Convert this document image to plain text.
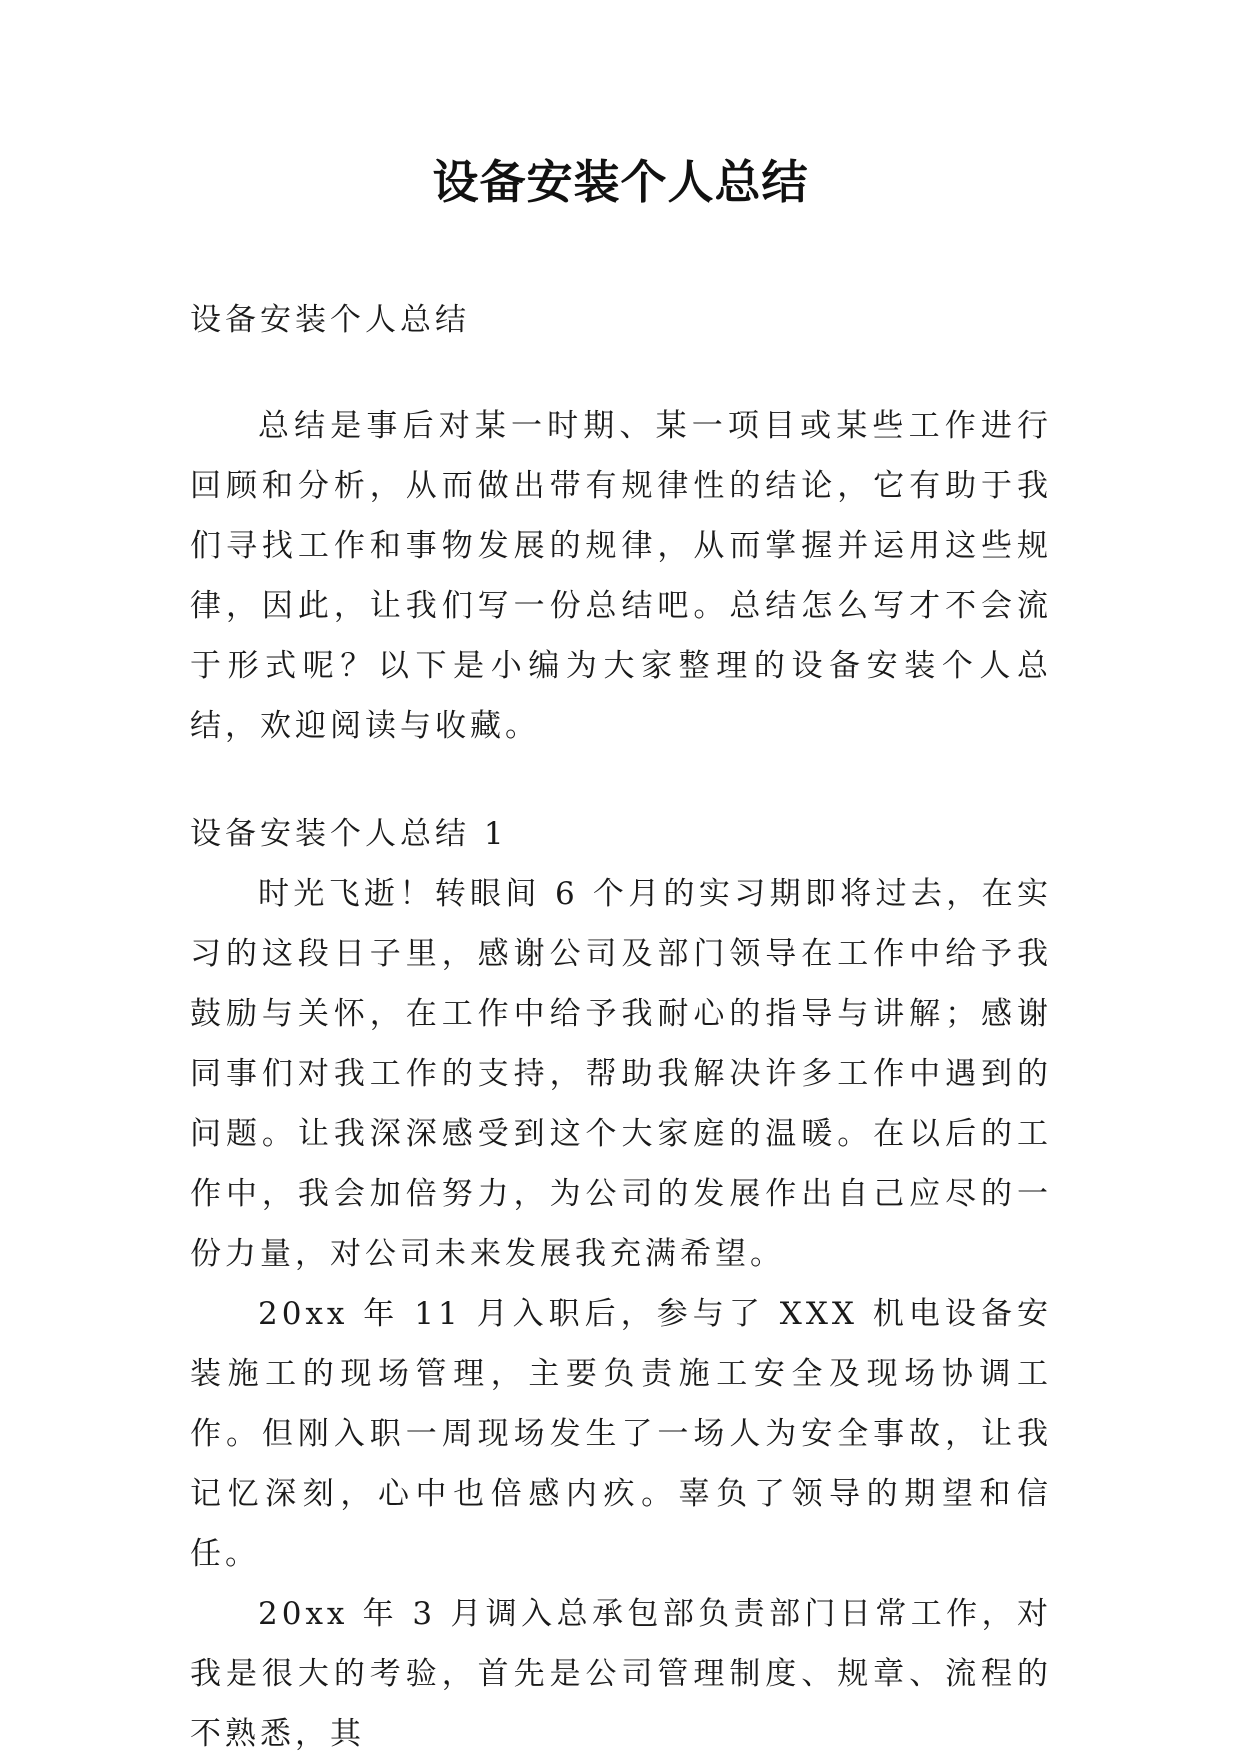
设备安装个人总结

设备安装个人总结

总结是事后对某一时期、某一项目或某些工作进行回顾和分析，从而做出带有规律性的结论，它有助于我们寻找工作和事物发展的规律，从而掌握并运用这些规律，因此，让我们写一份总结吧。总结怎么写才不会流于形式呢？以下是小编为大家整理的设备安装个人总结，欢迎阅读与收藏。

设备安装个人总结 1

时光飞逝！转眼间 6 个月的实习期即将过去，在实习的这段日子里，感谢公司及部门领导在工作中给予我鼓励与关怀，在工作中给予我耐心的指导与讲解；感谢同事们对我工作的支持，帮助我解决许多工作中遇到的问题。让我深深感受到这个大家庭的温暖。在以后的工作中，我会加倍努力，为公司的发展作出自己应尽的一份力量，对公司未来发展我充满希望。

20xx 年 11 月入职后，参与了 XXX 机电设备安装施工的现场管理，主要负责施工安全及现场协调工作。但刚入职一周现场发生了一场人为安全事故，让我记忆深刻，心中也倍感内疚。辜负了领导的期望和信任。

20xx 年 3 月调入总承包部负责部门日常工作，对我是很大的考验，首先是公司管理制度、规章、流程的不熟悉，其
